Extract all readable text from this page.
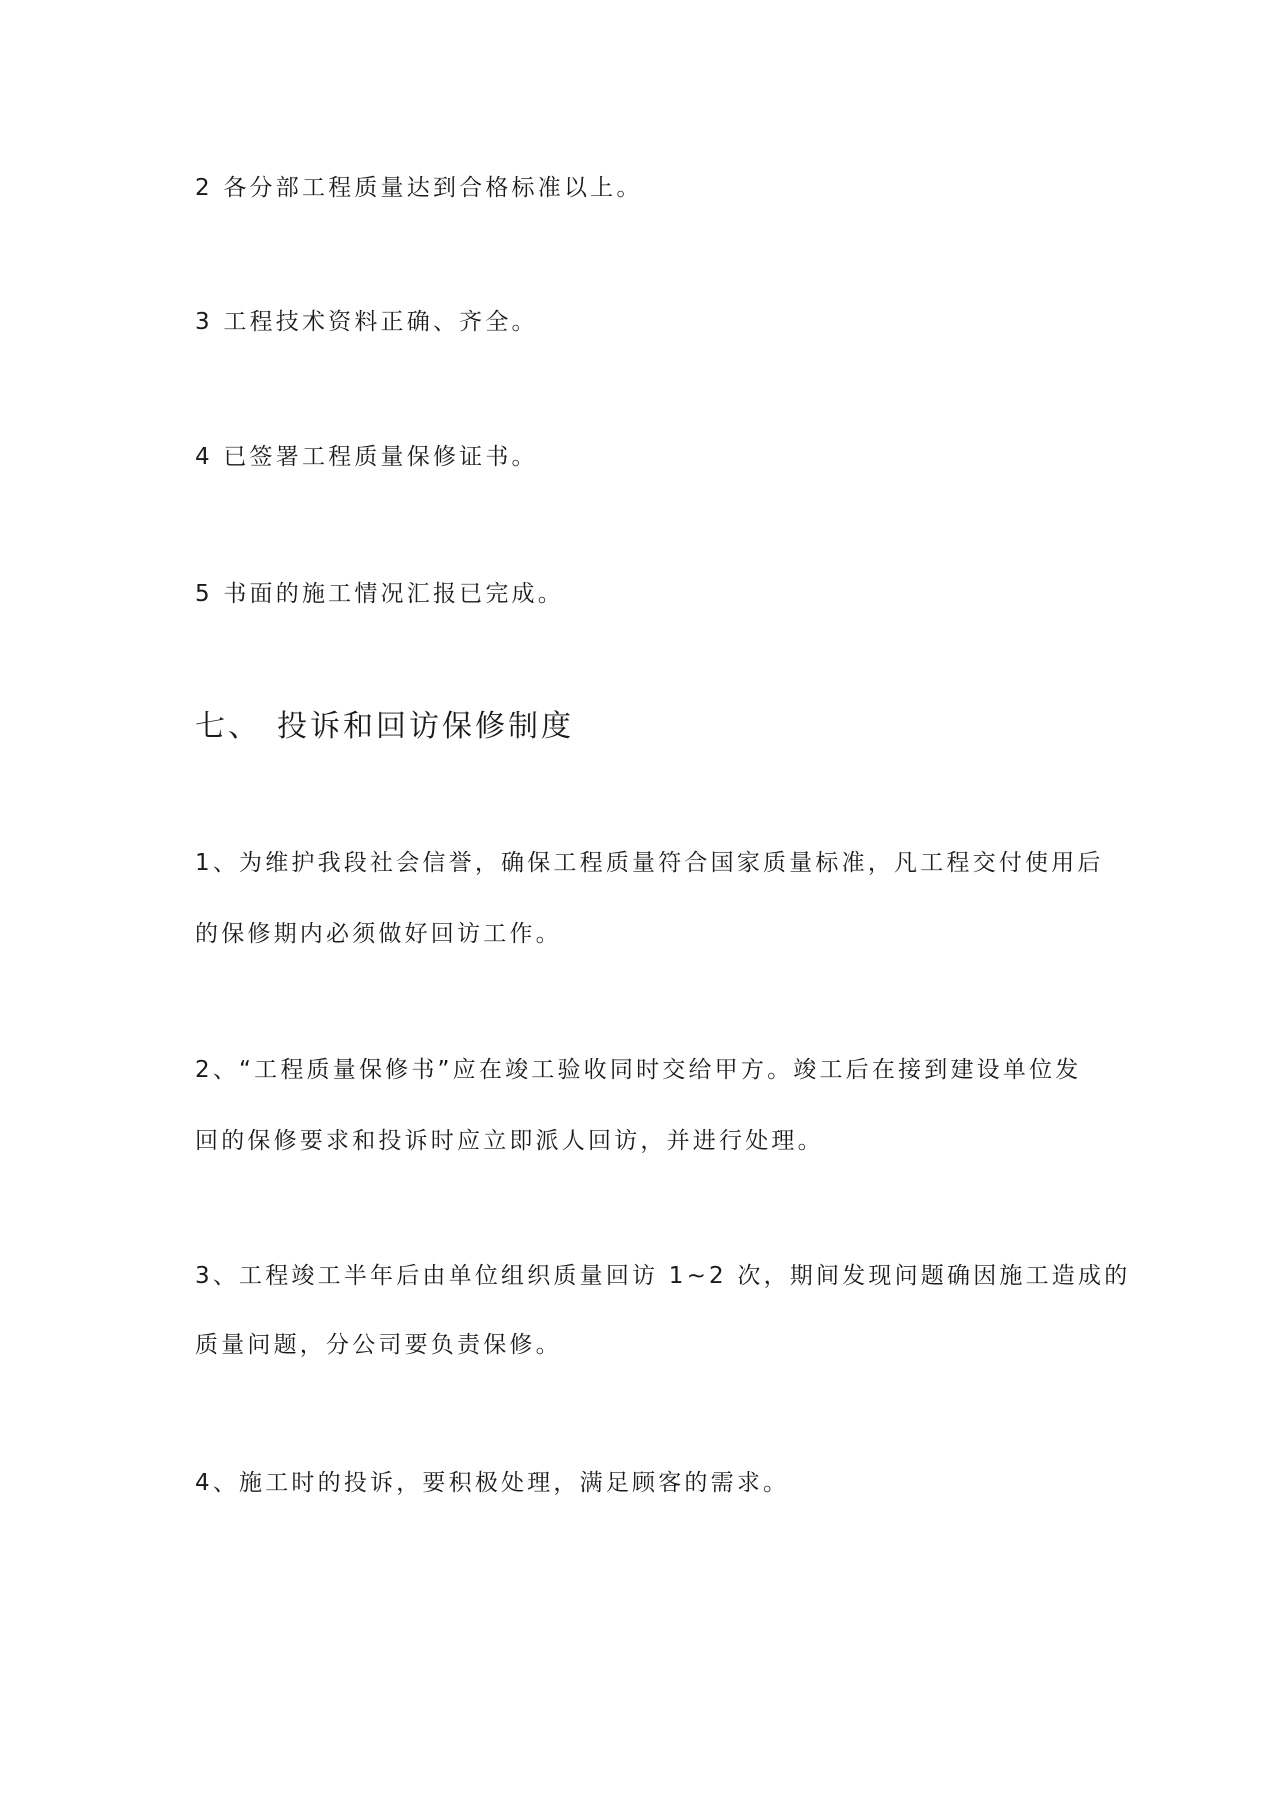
2 各分部工程质量达到合格标准以上。
3 工程技术资料正确、齐全。
4 已签署工程质量保修证书。
5 书面的施工情况汇报已完成。
七、 投诉和回访保修制度
1、为维护我段社会信誉，确保工程质量符合国家质量标准，凡工程交付使用后
的保修期内必须做好回访工作。
2、“工程质量保修书”应在竣工验收同时交给甲方。竣工后在接到建设单位发
回的保修要求和投诉时应立即派人回访，并进行处理。
3、工程竣工半年后由单位组织质量回访 1~2 次，期间发现问题确因施工造成的
质量问题，分公司要负责保修。
4、施工时的投诉，要积极处理，满足顾客的需求。
